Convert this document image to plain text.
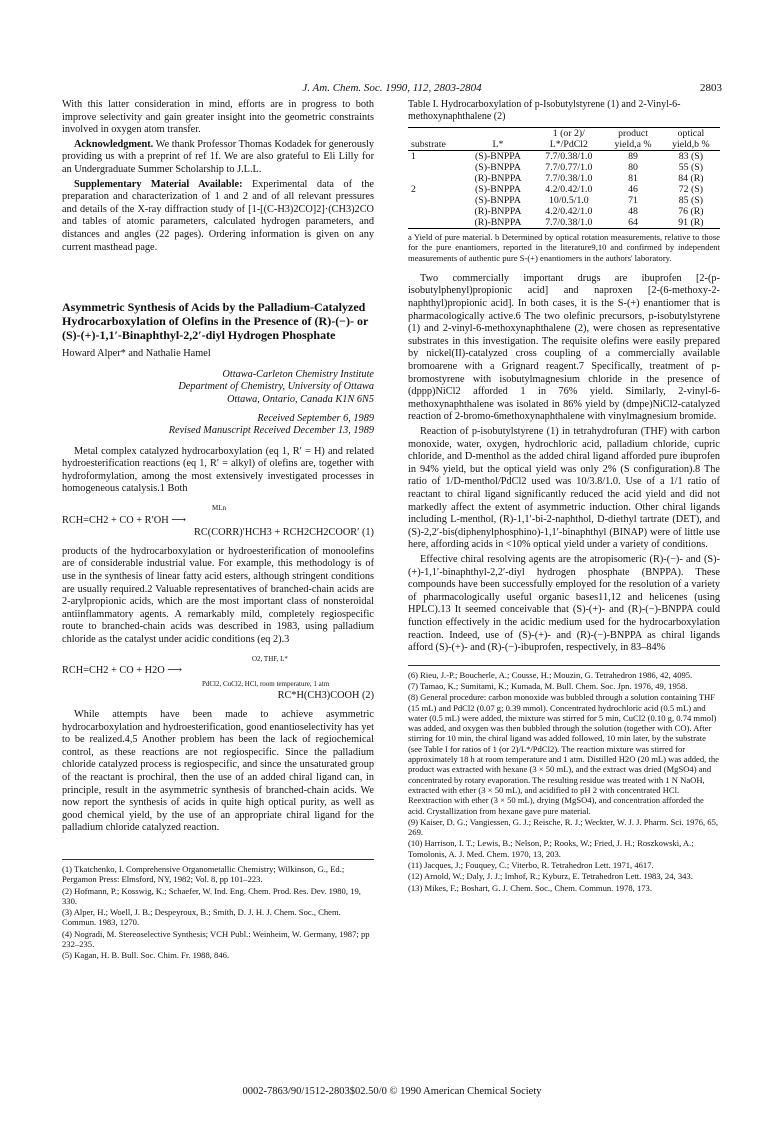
J. Am. Chem. Soc. 1990, 112, 2803-2804	2803

With this latter consideration in mind, efforts are in progress to both improve selectivity and gain greater insight into the geometric constraints involved in oxygen atom transfer.

Acknowledgment. We thank Professor Thomas Kodadek for generously providing us with a preprint of ref 1f. We are also grateful to Eli Lilly for an Undergraduate Summer Scholarship to J.L.L.

Supplementary Material Available: Experimental data of the preparation and characterization of 1 and 2 and of all relevant pressures and details of the X-ray diffraction study of [1-[(C-H3)2CO]2]·(CH3)2CO and tables of atomic parameters, calculated hydrogen parameters, and distances and angles (22 pages). Ordering information is given on any current masthead page.

Asymmetric Synthesis of Acids by the Palladium-Catalyzed Hydrocarboxylation of Olefins in the Presence of (R)-(−)- or (S)-(+)-1,1′-Binaphthyl-2,2′-diyl Hydrogen Phosphate
Howard Alper* and Nathalie Hamel
Ottawa-Carleton Chemistry Institute
Department of Chemistry, University of Ottawa
Ottawa, Ontario, Canada K1N 6N5
Received September 6, 1989
Revised Manuscript Received December 13, 1989

Metal complex catalyzed hydrocarboxylation (eq 1, R′ = H) and related hydroesterification reactions (eq 1, R′ = alkyl) of olefins are, together with hydroformylation, among the most extensively investigated processes in homogeneous catalysis.1 Both

MLn
RCH=CH2 + CO + R′OH ⟶
RC(CORR)′HCH3 + RCH2CH2COOR′ (1)

products of the hydrocarboxylation or hydroesterification of monoolefins are of considerable industrial value. For example, this methodology is of use in the synthesis of linear fatty acid esters, although stringent conditions are usually required.2 Valuable representatives of branched-chain acids are 2-arylpropionic acids, which are the most important class of nonsteroidal antiinflammatory agents. A remarkably mild, completely regiospecific route to branched-chain acids was described in 1983, using palladium chloride as the catalyst under acidic conditions (eq 2).3

O2, THF, L*
RCH=CH2 + CO + H2O ⟶
PdCl2, CuCl2, HCl, room temperature, 1 atm
RC*H(CH3)COOH (2)

While attempts have been made to achieve asymmetric hydrocarboxylation and hydroesterification, good enantioselectivity has yet to be realized.4,5 Another problem has been the lack of regiochemical control, as these reactions are not regiospecific. Since the palladium chloride catalyzed process is regiospecific, and since the unsaturated group of the reactant is prochiral, then the use of an added chiral ligand can, in principle, result in the asymmetric synthesis of branched-chain acids. We now report the synthesis of acids in quite high optical purity, as well as good chemical yield, by the use of an appropriate chiral ligand for the palladium chloride catalyzed reaction.

(1) Tkatchenko, I. Comprehensive Organometallic Chemistry; Wilkinson, G., Ed.; Pergamon Press: Elmsford, NY, 1982; Vol. 8, pp 101–223.

(2) Hofmann, P.; Kosswig, K.; Schaefer, W. Ind. Eng. Chem. Prod. Res. Dev. 1980, 19, 330.

(3) Alper, H.; Woell, J. B.; Despeyroux, B.; Smith, D. J. H. J. Chem. Soc., Chem. Commun. 1983, 1270.

(4) Nogradi, M. Stereoselective Synthesis; VCH Publ.: Weinheim, W. Germany, 1987; pp 232–235.

(5) Kagan, H. B. Bull. Soc. Chim. Fr. 1988, 846.

Table I. Hydrocarboxylation of p-Isobutylstyrene (1) and 2-Vinyl-6-methoxynaphthalene (2)
		1 (or 2)/	product	optical
substrate	L*	L*/PdCl2	yield,a %	yield,b %
1	(S)-BNPPA	7.7/0.38/1.0	89	83 (S)
	(S)-BNPPA	7.7/0.77/1.0	80	55 (S)
	(R)-BNPPA	7.7/0.38/1.0	81	84 (R)
2	(S)-BNPPA	4.2/0.42/1.0	46	72 (S)
	(S)-BNPPA	10/0.5/1.0	71	85 (S)
	(R)-BNPPA	4.2/0.42/1.0	48	76 (R)
	(R)-BNPPA	7.7/0.38/1.0	64	91 (R)
a Yield of pure material. b Determined by optical rotation measurements, relative to those for the pure enantiomers, reported in the literature9,10 and confirmed by independent measurements of authentic pure S-(+) enantiomers in the authors' laboratory.

Two commercially important drugs are ibuprofen [2-(p-isobutylphenyl)propionic acid] and naproxen [2-(6-methoxy-2-naphthyl)propionic acid]. In both cases, it is the S-(+) enantiomer that is pharmacologically active.6 The two olefinic precursors, p-isobutylstyrene (1) and 2-vinyl-6-methoxynaphthalene (2), were chosen as representative substrates in this investigation. The requisite olefins were easily prepared by nickel(II)-catalyzed cross coupling of a commercially available bromoarene with a Grignard reagent.7 Specifically, treatment of p-bromostyrene with isobutylmagnesium chloride in the presence of (dppp)NiCl2 afforded 1 in 76% yield. Similarly, 2-vinyl-6-methoxynaphthalene was isolated in 86% yield by (dmpe)NiCl2-catalyzed reaction of 2-bromo-6methoxynaphthalene with vinylmagnesium bromide.

Reaction of p-isobutylstyrene (1) in tetrahydrofuran (THF) with carbon monoxide, water, oxygen, hydrochloric acid, palladium chloride, cupric chloride, and D-menthol as the added chiral ligand afforded pure ibuprofen in 94% yield, but the optical yield was only 2% (S configuration).8 The ratio of 1/D-menthol/PdCl2 used was 10/3.8/1.0. Use of a 1/1 ratio of reactant to chiral ligand significantly reduced the acid yield and did not markedly affect the extent of asymmetric induction. Other chiral ligands including L-menthol, (R)-1,1′-bi-2-naphthol, D-diethyl tartrate (DET), and (S)-2,2′-bis(diphenylphosphino)-1,1′-binaphthyl (BINAP) were of little use here, affording acids in <10% optical yield under a variety of conditions.

Effective chiral resolving agents are the atropisomeric (R)-(−)- and (S)-(+)-1,1′-binaphthyl-2,2′-diyl hydrogen phosphate (BNPPA). These compounds have been successfully employed for the resolution of a variety of pharmacologically useful organic bases11,12 and helicenes (using HPLC).13 It seemed conceivable that (S)-(+)- and (R)-(−)-BNPPA could function effectively in the acidic medium used for the hydrocarboxylation reaction. Indeed, use of (S)-(+)- and (R)-(−)-BNPPA as chiral ligands afford (S)-(+)- and (R)-(−)-ibuprofen, respectively, in 83–84%

(6) Rieu, J.-P.; Boucherle, A.; Cousse, H.; Mouzin, G. Tetrahedron 1986, 42, 4095.

(7) Tamao, K.; Sumitami, K.; Kumada, M. Bull. Chem. Soc. Jpn. 1976, 49, 1958.

(8) General procedure: carbon monoxide was bubbled through a solution containing THF (15 mL) and PdCl2 (0.07 g; 0.39 mmol). Concentrated hydrochloric acid (0.5 mL) and water (0.5 mL) were added, the mixture was stirred for 5 min, CuCl2 (0.10 g, 0.74 mmol) was added, and oxygen was then bubbled through the solution (together with CO). After stirring for 10 min, the chiral ligand was added followed, 10 min later, by the substrate (see Table I for ratios of 1 (or 2)/L*/PdCl2). The reaction mixture was stirred for approximately 18 h at room temperature and 1 atm. Distilled H2O (20 mL) was added, the product was extracted with hexane (3 × 50 mL), and the extract was dried (MgSO4) and concentrated by rotary evaporation. The resulting residue was treated with 1 N NaOH, extracted with ether (3 × 50 mL), and acidified to pH 2 with concentrated HCl. Reextraction with ether (3 × 50 mL), drying (MgSO4), and concentration afforded the acid. Crystallization from hexane gave pure material.

(9) Kaiser, D. G.; Vangiessen, G. J.; Reische, R. J.; Weckter, W. J. J. Pharm. Sci. 1976, 65, 269.

(10) Harrison, I. T.; Lewis, B.; Nelson, P.; Rooks, W.; Fried, J. H.; Roszkowski, A.; Tomolonis, A. J. Med. Chem. 1970, 13, 203.

(11) Jacques, J.; Fouquey, C.; Viterbo, R. Tetrahedron Lett. 1971, 4617.

(12) Arnold, W.; Daly, J. J.; Imhof, R.; Kyburz, E. Tetrahedron Lett. 1983, 24, 343.

(13) Mikes, F.; Boshart, G. J. Chem. Soc., Chem. Commun. 1978, 173.

0002-7863/90/1512-2803$02.50/0 © 1990 American Chemical Society
